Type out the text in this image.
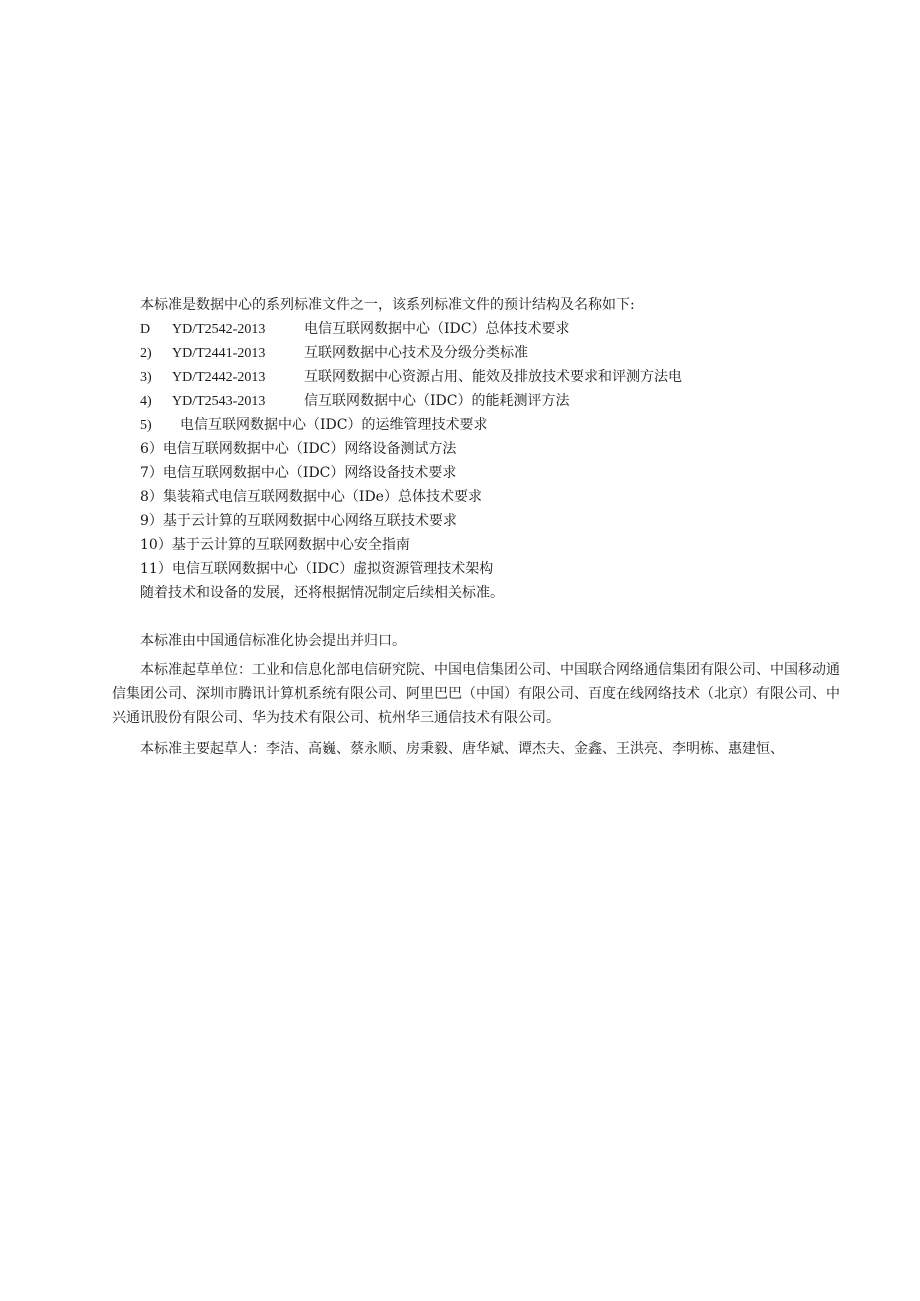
本标准是数据中心的系列标准文件之一，该系列标准文件的预计结构及名称如下:
D YD/T2542-2013	电信互联网数据中心（IDC）总体技术要求
2) YD/T2441-2013	互联网数据中心技术及分级分类标准
3) YD/T2442-2013	互联网数据中心资源占用、能效及排放技术要求和评测方法电
4) YD/T2543-2013	信互联网数据中心（IDC）的能耗测评方法
5) 电信互联网数据中心（IDC）的运维管理技术要求
6）电信互联网数据中心（IDC）网络设备测试方法
7）电信互联网数据中心（IDC）网络设备技术要求
8）集装箱式电信互联网数据中心（IDe）总体技术要求
9）基于云计算的互联网数据中心网络互联技术要求
10）基于云计算的互联网数据中心安全指南
11）电信互联网数据中心（IDC）虚拟资源管理技术架构
随着技术和设备的发展，还将根据情况制定后续相关标准。
本标准由中国通信标准化协会提出并归口。
本标准起草单位：工业和信息化部电信研究院、中国电信集团公司、中国联合网络通信集团有限公司、中国移动通信集团公司、深圳市腾讯计算机系统有限公司、阿里巴巴（中国）有限公司、百度在线网络技术（北京）有限公司、中兴通讯股份有限公司、华为技术有限公司、杭州华三通信技术有限公司。
本标准主要起草人：李洁、高巍、蔡永顺、房秉毅、唐华斌、谭杰夫、金鑫、王洪亮、李明栋、惠建恒、
